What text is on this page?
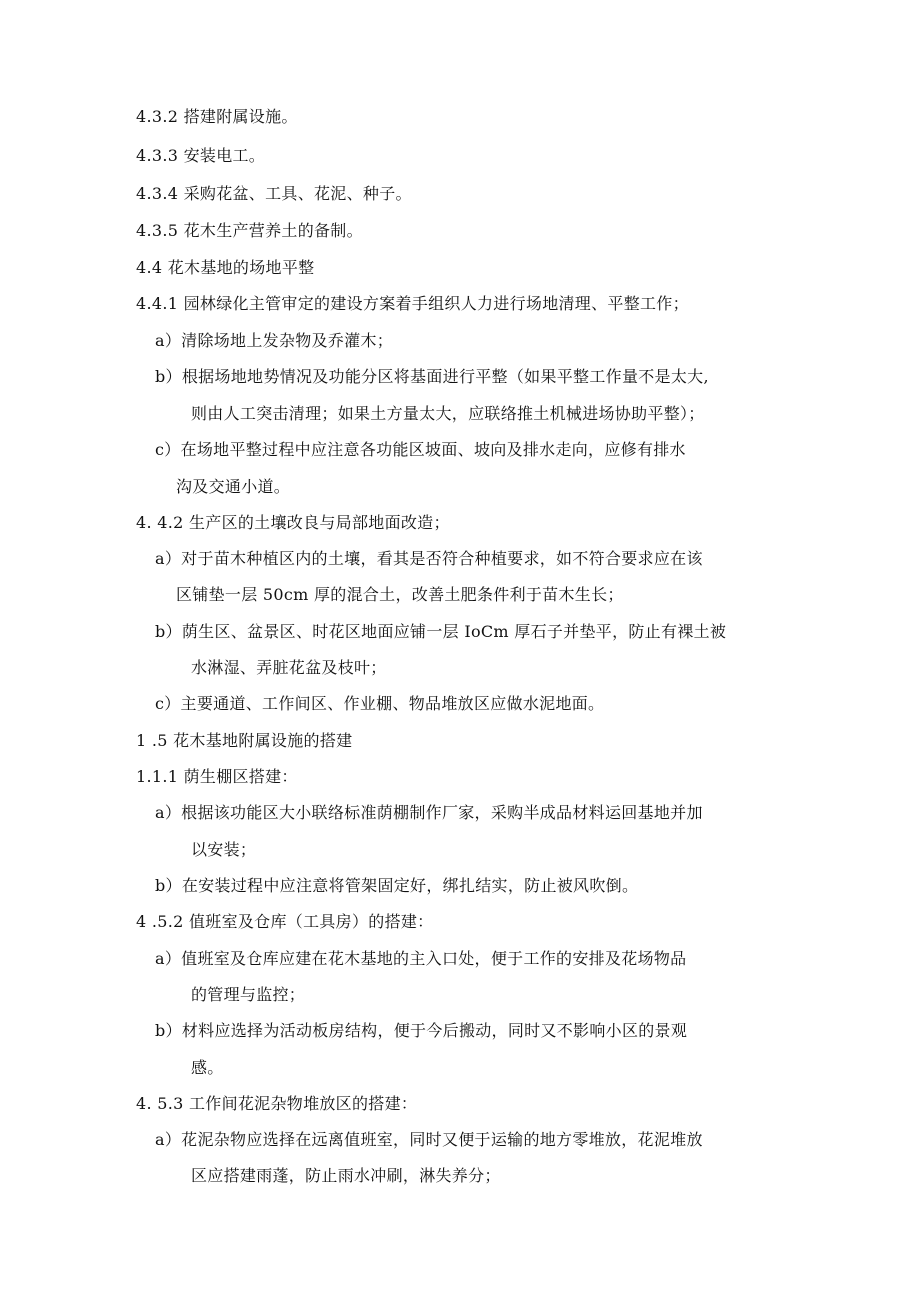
4.3.2 搭建附属设施。
4.3.3 安装电工。
4.3.4 采购花盆、工具、花泥、种子。
4.3.5 花木生产营养土的备制。
4.4 花木基地的场地平整
4.4.1 园林绿化主管审定的建设方案着手组织人力进行场地清理、平整工作；
a）清除场地上发杂物及乔灌木；
b）根据场地地势情况及功能分区将基面进行平整（如果平整工作量不是太大,
则由人工突击清理；如果土方量太大，应联络推土机械进场协助平整）；
c）在场地平整过程中应注意各功能区坡面、坡向及排水走向，应修有排水
沟及交通小道。
4. 4.2 生产区的土壤改良与局部地面改造；
a）对于苗木种植区内的土壤，看其是否符合种植要求，如不符合要求应在该
区铺垫一层 50cm 厚的混合土，改善土肥条件利于苗木生长；
b）荫生区、盆景区、时花区地面应铺一层 IoCm 厚石子并垫平，防止有裸土被
水淋湿、弄脏花盆及枝叶；
c）主要通道、工作间区、作业棚、物品堆放区应做水泥地面。
1 .5 花木基地附属设施的搭建
1.1.1 荫生棚区搭建：
a）根据该功能区大小联络标准荫棚制作厂家，采购半成品材料运回基地并加
以安装；
b）在安装过程中应注意将管架固定好，绑扎结实，防止被风吹倒。
4 .5.2 值班室及仓库（工具房）的搭建：
a）值班室及仓库应建在花木基地的主入口处，便于工作的安排及花场物品
的管理与监控；
b）材料应选择为活动板房结构，便于今后搬动，同时又不影响小区的景观
感。
4. 5.3 工作间花泥杂物堆放区的搭建：
a）花泥杂物应选择在远离值班室，同时又便于运输的地方零堆放，花泥堆放
区应搭建雨蓬，防止雨水冲刷，淋失养分；
